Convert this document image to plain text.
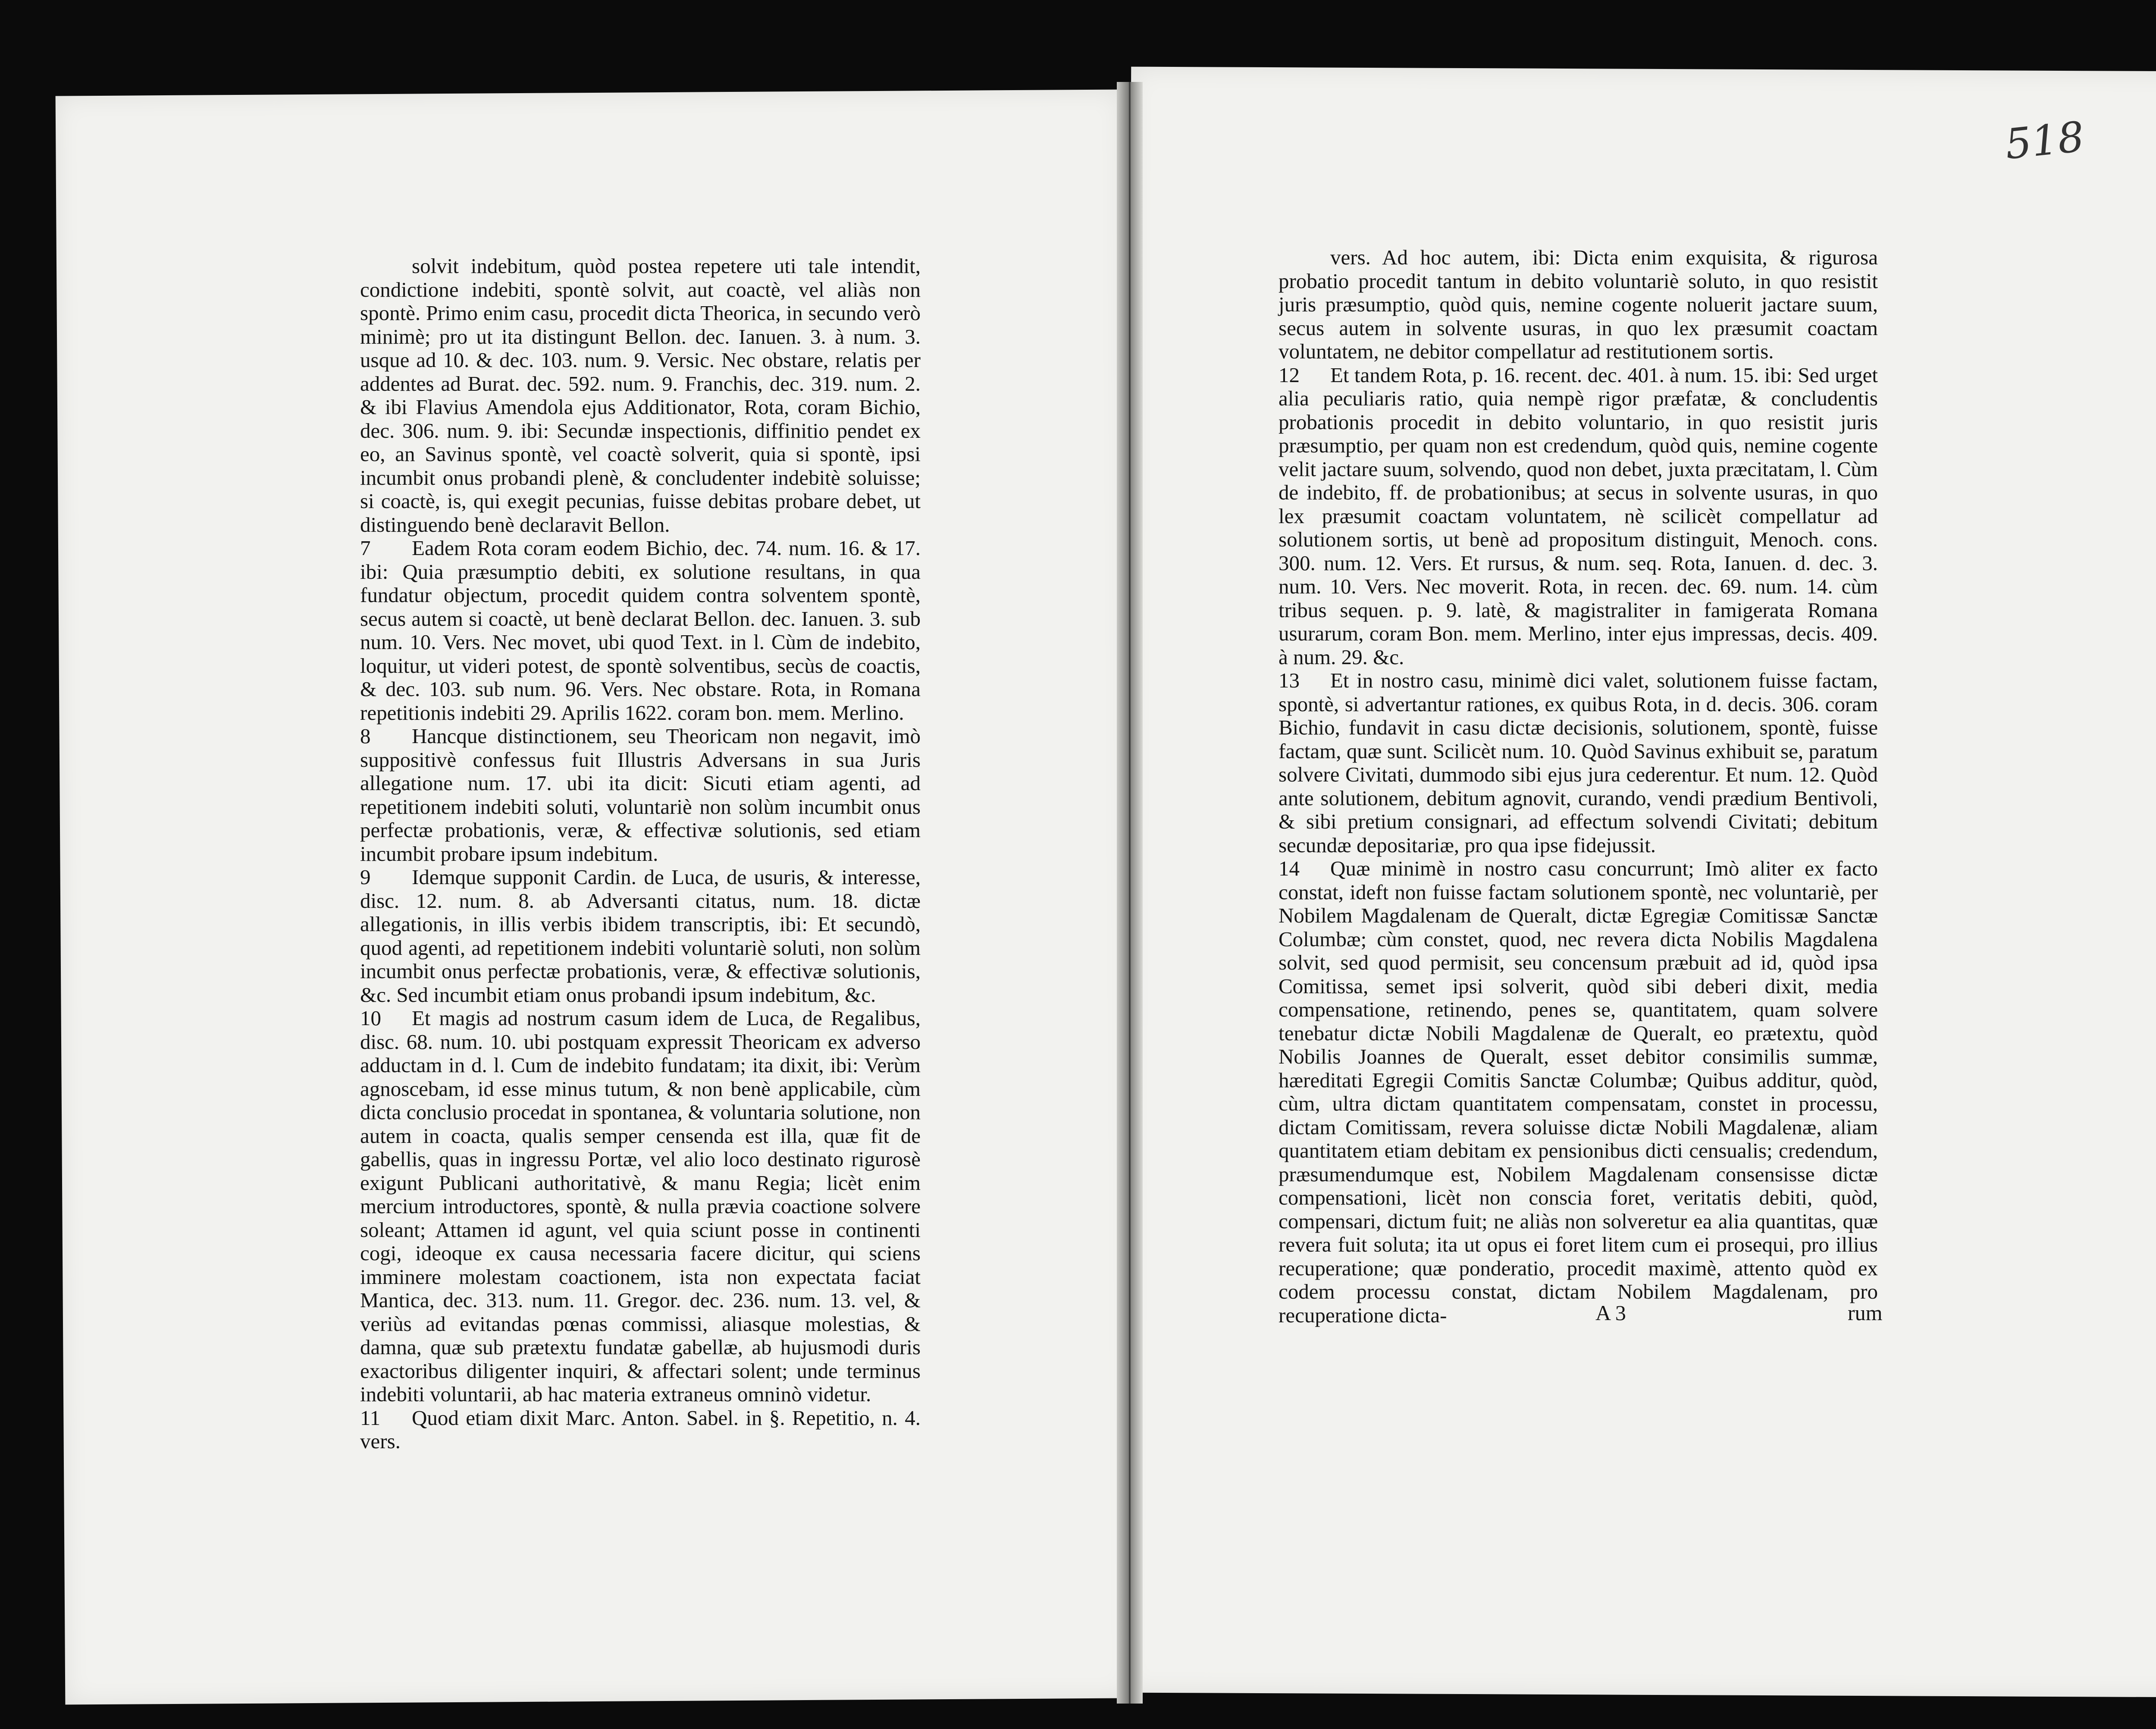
518

solvit indebitum, quòd postea repetere uti tale intendit, condictione indebiti, spontè solvit, aut coactè, vel aliàs non spontè. Primo enim casu, procedit dicta Theorica, in secundo verò minimè; pro ut ita distingunt Bellon. dec. Ianuen. 3. à num. 3. usque ad 10. & dec. 103. num. 9. Versic. Nec obstare, relatis per addentes ad Burat. dec. 592. num. 9. Franchis, dec. 319. num. 2. & ibi Flavius Amendola ejus Additionator, Rota, coram Bichio, dec. 306. num. 9. ibi: Secundæ inspectionis, diffinitio pendet ex eo, an Savinus spontè, vel coactè solverit, quia si spontè, ipsi incumbit onus probandi plenè, & concludenter indebitè soluisse; si coactè, is, qui exegit pecunias, fuisse debitas probare debet, ut distinguendo benè declaravit Bellon.

7 Eadem Rota coram eodem Bichio, dec. 74. num. 16. & 17. ibi: Quia præsumptio debiti, ex solutione resultans, in qua fundatur objectum, procedit quidem contra solventem spontè, secus autem si coactè, ut benè declarat Bellon. dec. Ianuen. 3. sub num. 10. Vers. Nec movet, ubi quod Text. in l. Cùm de indebito, loquitur, ut videri potest, de spontè solventibus, secùs de coactis, & dec. 103. sub num. 96. Vers. Nec obstare. Rota, in Romana repetitionis indebiti 29. Aprilis 1622. coram bon. mem. Merlino.

8 Hancque distinctionem, seu Theoricam non negavit, imò suppositivè confessus fuit Illustris Adversans in sua Juris allegatione num. 17. ubi ita dicit: Sicuti etiam agenti, ad repetitionem indebiti soluti, voluntariè non solùm incumbit onus perfectæ probationis, veræ, & effectivæ solutionis, sed etiam incumbit probare ipsum indebitum.

9 Idemque supponit Cardin. de Luca, de usuris, & interesse, disc. 12. num. 8. ab Adversanti citatus, num. 18. dictæ allegationis, in illis verbis ibidem transcriptis, ibi: Et secundò, quod agenti, ad repetitionem indebiti voluntariè soluti, non solùm incumbit onus perfectæ probationis, veræ, & effectivæ solutionis, &c. Sed incumbit etiam onus probandi ipsum indebitum, &c.

10 Et magis ad nostrum casum idem de Luca, de Regalibus, disc. 68. num. 10. ubi postquam expressit Theoricam ex adverso adductam in d. l. Cum de indebito fundatam; ita dixit, ibi: Verùm agnoscebam, id esse minus tutum, & non benè applicabile, cùm dicta conclusio procedat in spontanea, & voluntaria solutione, non autem in coacta, qualis semper censenda est illa, quæ fit de gabellis, quas in ingressu Portæ, vel alio loco destinato rigurosè exigunt Publicani authoritativè, & manu Regia; licèt enim mercium introductores, spontè, & nulla prævia coactione solvere soleant; Attamen id agunt, vel quia sciunt posse in continenti cogi, ideoque ex causa necessaria facere dicitur, qui sciens imminere molestam coactionem, ista non expectata faciat Mantica, dec. 313. num. 11. Gregor. dec. 236. num. 13. vel, & veriùs ad evitandas pœnas commissi, aliasque molestias, & damna, quæ sub prætextu fundatæ gabellæ, ab hujusmodi duris exactoribus diligenter inquiri, & affectari solent; unde terminus indebiti voluntarii, ab hac materia extraneus omninò videtur.

11 Quod etiam dixit Marc. Anton. Sabel. in §. Repetitio, n. 4. vers.

vers. Ad hoc autem, ibi: Dicta enim exquisita, & rigurosa probatio procedit tantum in debito voluntariè soluto, in quo resistit juris præsumptio, quòd quis, nemine cogente noluerit jactare suum, secus autem in solvente usuras, in quo lex præsumit coactam voluntatem, ne debitor compellatur ad restitutionem sortis.

12 Et tandem Rota, p. 16. recent. dec. 401. à num. 15. ibi: Sed urget alia peculiaris ratio, quia nempè rigor præfatæ, & concludentis probationis procedit in debito voluntario, in quo resistit juris præsumptio, per quam non est credendum, quòd quis, nemine cogente velit jactare suum, solvendo, quod non debet, juxta præcitatam, l. Cùm de indebito, ff. de probationibus; at secus in solvente usuras, in quo lex præsumit coactam voluntatem, nè scilicèt compellatur ad solutionem sortis, ut benè ad propositum distinguit, Menoch. cons. 300. num. 12. Vers. Et rursus, & num. seq. Rota, Ianuen. d. dec. 3. num. 10. Vers. Nec moverit. Rota, in recen. dec. 69. num. 14. cùm tribus sequen. p. 9. latè, & magistraliter in famigerata Romana usurarum, coram Bon. mem. Merlino, inter ejus impressas, decis. 409. à num. 29. &c.

13 Et in nostro casu, minimè dici valet, solutionem fuisse factam, spontè, si advertantur rationes, ex quibus Rota, in d. decis. 306. coram Bichio, fundavit in casu dictæ decisionis, solutionem, spontè, fuisse factam, quæ sunt. Scilicèt num. 10. Quòd Savinus exhibuit se, paratum solvere Civitati, dummodo sibi ejus jura cederentur. Et num. 12. Quòd ante solutionem, debitum agnovit, curando, vendi prædium Bentivoli, & sibi pretium consignari, ad effectum solvendi Civitati; debitum secundæ depositariæ, pro qua ipse fidejussit.

14 Quæ minimè in nostro casu concurrunt; Imò aliter ex facto constat, ideft non fuisse factam solutionem spontè, nec voluntariè, per Nobilem Magdalenam de Queralt, dictæ Egregiæ Comitissæ Sanctæ Columbæ; cùm constet, quod, nec revera dicta Nobilis Magdalena solvit, sed quod permisit, seu concensum præbuit ad id, quòd ipsa Comitissa, semet ipsi solverit, quòd sibi deberi dixit, media compensatione, retinendo, penes se, quantitatem, quam solvere tenebatur dictæ Nobili Magdalenæ de Queralt, eo prætextu, quòd Nobilis Joannes de Queralt, esset debitor consimilis summæ, hæreditati Egregii Comitis Sanctæ Columbæ; Quibus additur, quòd, cùm, ultra dictam quantitatem compensatam, constet in processu, dictam Comitissam, revera soluisse dictæ Nobili Magdalenæ, aliam quantitatem etiam debitam ex pensionibus dicti censualis; credendum, præsumendumque est, Nobilem Magdalenam consensisse dictæ compensationi, licèt non conscia foret, veritatis debiti, quòd, compensari, dictum fuit; ne aliàs non solveretur ea alia quantitas, quæ revera fuit soluta; ita ut opus ei foret litem cum ei prosequi, pro illius recuperatione; quæ ponderatio, procedit maximè, attento quòd ex codem processu constat, dictam Nobilem Magdalenam, pro recuperatione dicta-	A 3	rum
